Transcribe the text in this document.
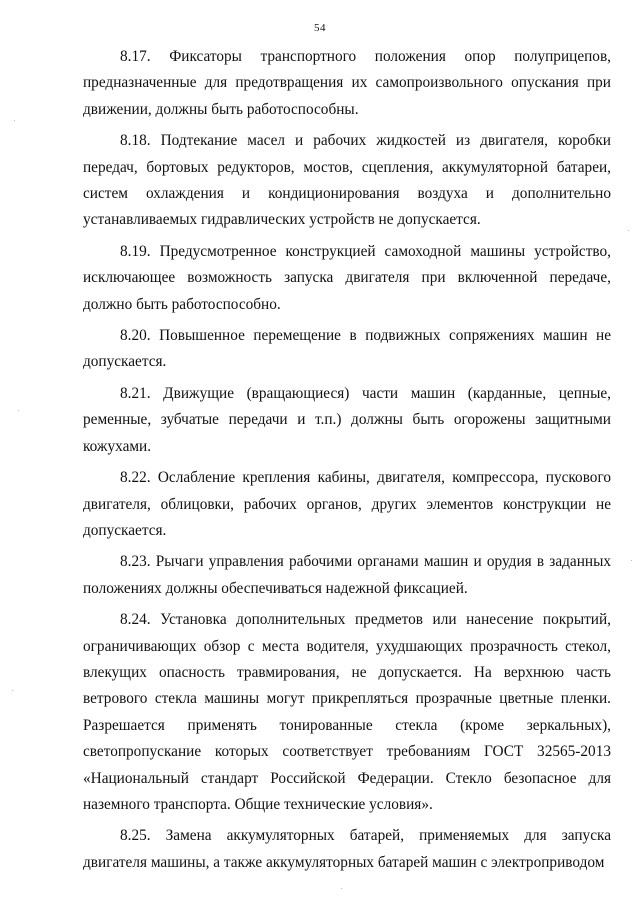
54

8.17. Фиксаторы транспортного положения опор полуприцепов, предназначенные для предотвращения их самопроизвольного опускания при движении, должны быть работоспособны.

8.18. Подтекание масел и рабочих жидкостей из двигателя, коробки передач, бортовых редукторов, мостов, сцепления, аккумуляторной батареи, систем охлаждения и кондиционирования воздуха и дополнительно устанавливаемых гидравлических устройств не допускается.

8.19. Предусмотренное конструкцией самоходной машины устройство, исключающее возможность запуска двигателя при включенной передаче, должно быть работоспособно.

8.20. Повышенное перемещение в подвижных сопряжениях машин не допускается.

8.21. Движущие (вращающиеся) части машин (карданные, цепные, ременные, зубчатые передачи и т.п.) должны быть огорожены защитными кожухами.

8.22. Ослабление крепления кабины, двигателя, компрессора, пускового двигателя, облицовки, рабочих органов, других элементов конструкции не допускается.

8.23. Рычаги управления рабочими органами машин и орудия в заданных положениях должны обеспечиваться надежной фиксацией.

8.24. Установка дополнительных предметов или нанесение покрытий, ограничивающих обзор с места водителя, ухудшающих прозрачность стекол, влекущих опасность травмирования, не допускается. На верхнюю часть ветрового стекла машины могут прикрепляться прозрачные цветные пленки. Разрешается применять тонированные стекла (кроме зеркальных), светопропускание которых соответствует требованиям ГОСТ 32565-2013 «Национальный стандарт Российской Федерации. Стекло безопасное для наземного транспорта. Общие технические условия».

8.25. Замена аккумуляторных батарей, применяемых для запуска двигателя машины, а также аккумуляторных батарей машин с электроприводом
